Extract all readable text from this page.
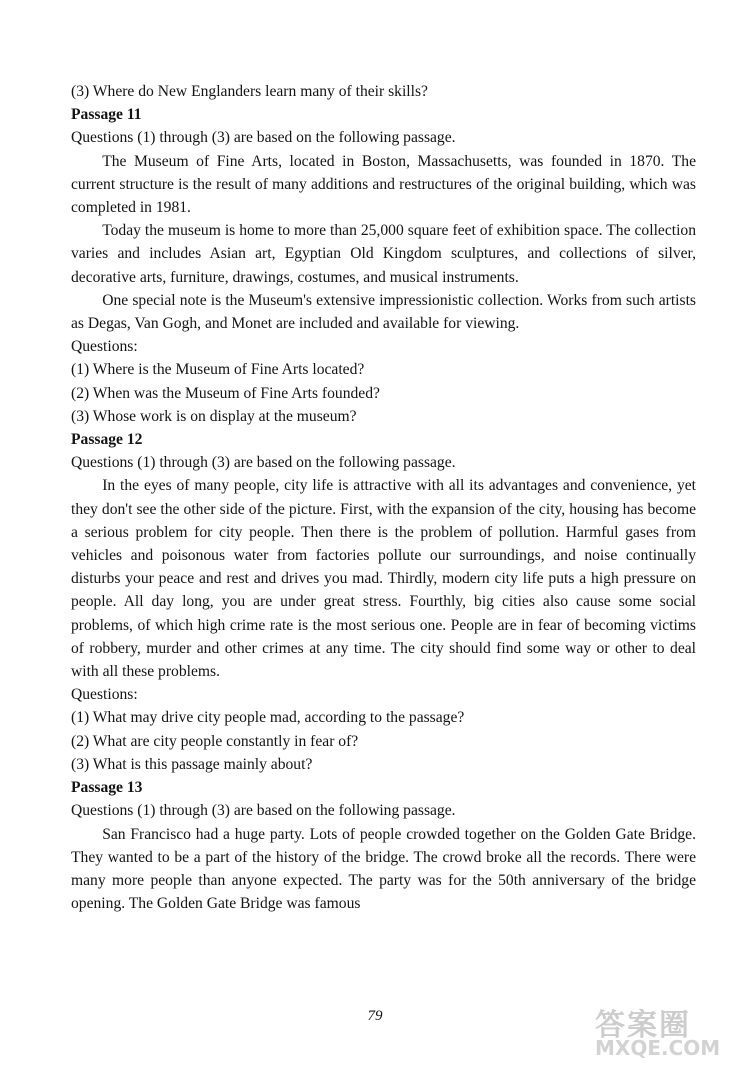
(3) Where do New Englanders learn many of their skills?
Passage 11
Questions (1) through (3) are based on the following passage.
The Museum of Fine Arts, located in Boston, Massachusetts, was founded in 1870. The current structure is the result of many additions and restructures of the original building, which was completed in 1981.
Today the museum is home to more than 25,000 square feet of exhibition space. The collection varies and includes Asian art, Egyptian Old Kingdom sculptures, and collections of silver, decorative arts, furniture, drawings, costumes, and musical instruments.
One special note is the Museum's extensive impressionistic collection. Works from such artists as Degas, Van Gogh, and Monet are included and available for viewing.
Questions:
(1) Where is the Museum of Fine Arts located?
(2) When was the Museum of Fine Arts founded?
(3) Whose work is on display at the museum?
Passage 12
Questions (1) through (3) are based on the following passage.
In the eyes of many people, city life is attractive with all its advantages and convenience, yet they don't see the other side of the picture. First, with the expansion of the city, housing has become a serious problem for city people. Then there is the problem of pollution. Harmful gases from vehicles and poisonous water from factories pollute our surroundings, and noise continually disturbs your peace and rest and drives you mad. Thirdly, modern city life puts a high pressure on people. All day long, you are under great stress. Fourthly, big cities also cause some social problems, of which high crime rate is the most serious one. People are in fear of becoming victims of robbery, murder and other crimes at any time. The city should find some way or other to deal with all these problems.
Questions:
(1) What may drive city people mad, according to the passage?
(2) What are city people constantly in fear of?
(3) What is this passage mainly about?
Passage 13
Questions (1) through (3) are based on the following passage.
San Francisco had a huge party. Lots of people crowded together on the Golden Gate Bridge. They wanted to be a part of the history of the bridge. The crowd broke all the records. There were many more people than anyone expected. The party was for the 50th anniversary of the bridge opening. The Golden Gate Bridge was famous
79	答案圈
MXQE.COM
